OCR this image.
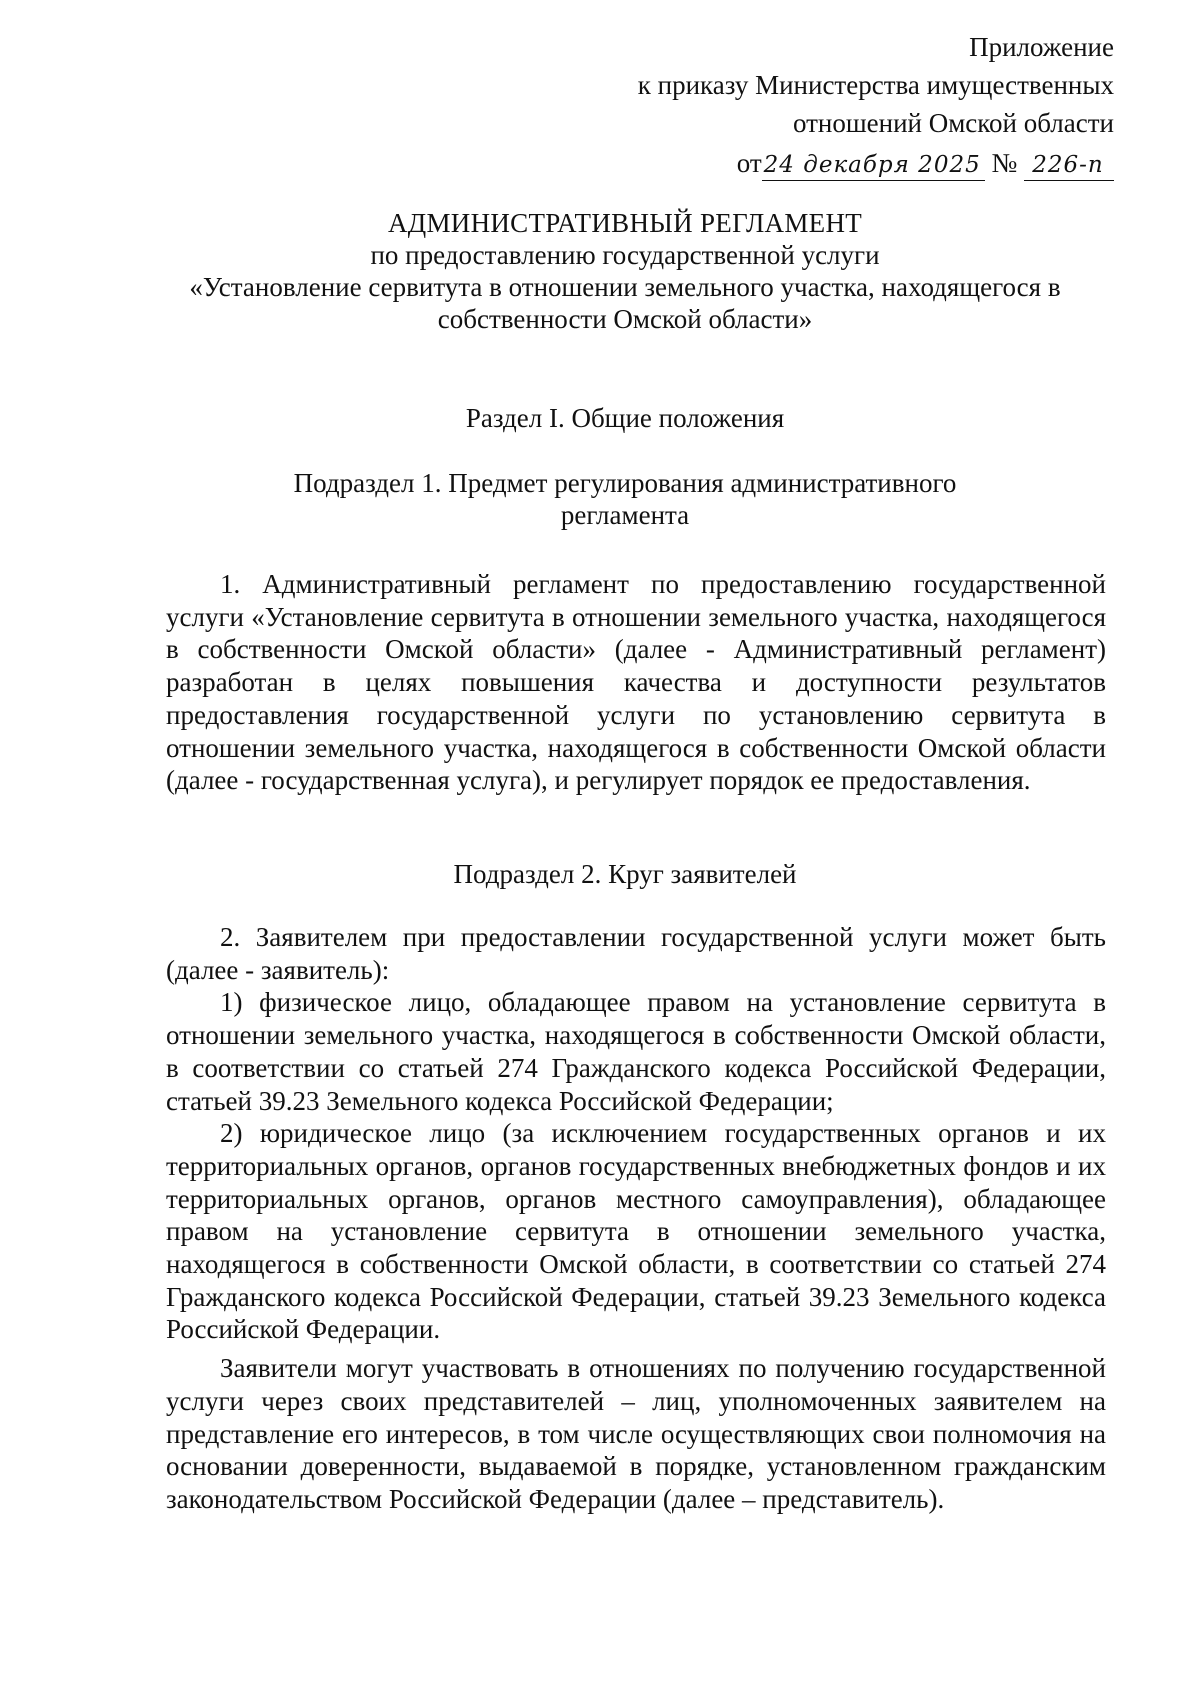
Приложение
к приказу Министерства имущественных
отношений Омской области
от24 декабря 2025 № 226-п
АДМИНИСТРАТИВНЫЙ РЕГЛАМЕНТ
по предоставлению государственной услуги
«Установление сервитута в отношении земельного участка, находящегося в
собственности Омской области»
Раздел I. Общие положения
Подраздел 1. Предмет регулирования административного
регламента

1. Административный регламент по предоставлению государственной услуги «Установление сервитута в отношении земельного участка, находящегося в собственности Омской области» (далее - Административный регламент) разработан в целях повышения качества и доступности результатов предоставления государственной услуги по установлению сервитута в отношении земельного участка, находящегося в собственности Омской области (далее - государственная услуга), и регулирует порядок ее предоставления.

Подраздел 2. Круг заявителей

2. Заявителем при предоставлении государственной услуги может быть (далее - заявитель):

1) физическое лицо, обладающее правом на установление сервитута в отношении земельного участка, находящегося в собственности Омской области, в соответствии со статьей 274 Гражданского кодекса Российской Федерации, статьей 39.23 Земельного кодекса Российской Федерации;

2) юридическое лицо (за исключением государственных органов и их территориальных органов, органов государственных внебюджетных фондов и их территориальных органов, органов местного самоуправления), обладающее правом на установление сервитута в отношении земельного участка, находящегося в собственности Омской области, в соответствии со статьей 274 Гражданского кодекса Российской Федерации, статьей 39.23 Земельного кодекса Российской Федерации.

Заявители могут участвовать в отношениях по получению государственной услуги через своих представителей – лиц, уполномоченных заявителем на представление его интересов, в том числе осуществляющих свои полномочия на основании доверенности, выдаваемой в порядке, установленном гражданским законодательством Российской Федерации (далее – представитель).
